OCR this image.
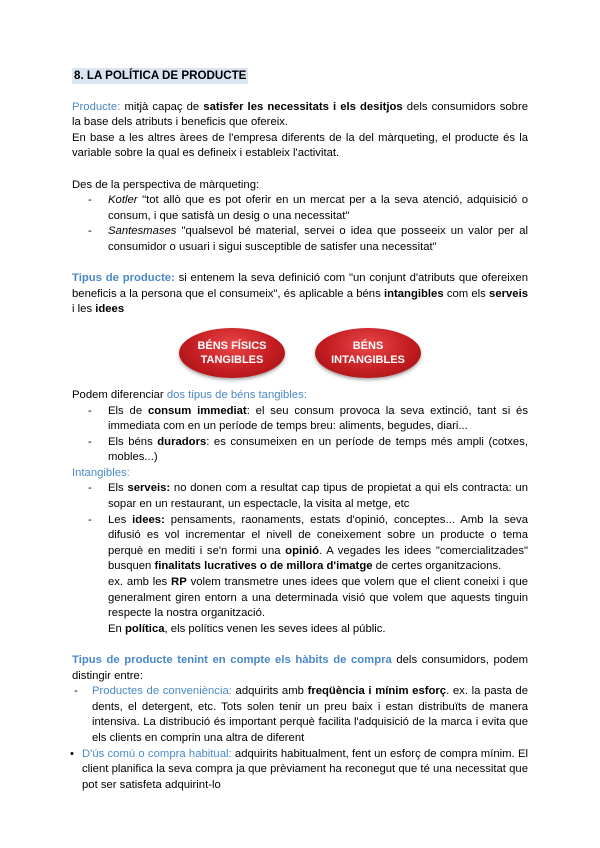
8. LA POLÍTICA DE PRODUCTE

Producte: mitjà capaç de satisfer les necessitats i els desitjos dels consumidors sobre la base dels atributs i beneficis que ofereix.

En base a les altres àrees de l'empresa diferents de la del màrqueting, el producte és la variable sobre la qual es defineix i estableix l'activitat.

Des de la perspectiva de màrqueting:

- Kotler "tot allò que es pot oferir en un mercat per a la seva atenció, adquisició o consum, i que satisfà un desig o una necessitat"
- Santesmases "qualsevol bé material, servei o idea que posseeix un valor per al consumidor o usuari i sigui susceptible de satisfer una necessitat"

Tipus de producte: si entenem la seva definició com "un conjunt d'atributs que ofereixen beneficis a la persona que el consumeix", és aplicable a béns intangibles com els serveis i les idees

BÉNS FÍSICS
TANGIBLES
BÉNS
INTANGIBLES

Podem diferenciar dos tipus de béns tangibles:

- Els de consum immediat: el seu consum provoca la seva extinció, tant si és immediata com en un període de temps breu: aliments, begudes, diari...
- Els béns duradors: es consumeixen en un període de temps més ampli (cotxes, mobles...)

Intangibles:

- Els serveis: no donen com a resultat cap tipus de propietat a qui els contracta: un sopar en un restaurant, un espectacle, la visita al metge, etc
- Les idees: pensaments, raonaments, estats d'opinió, conceptes... Amb la seva difusió es vol incrementar el nivell de coneixement sobre un producte o tema perquè en mediti i se'n formi una opinió. A vegades les idees "comercialitzades" busquen finalitats lucratives o de millora d'imatge de certes organitzacions.

ex. amb les RP volem transmetre unes idees que volem que el client coneixi i que generalment giren entorn a una determinada visió que volem que aquests tinguin respecte la nostra organització.

En política, els polítics venen les seves idees al públic.

Tipus de producte tenint en compte els hàbits de compra dels consumidors, podem distingir entre:

- Productes de conveniència: adquirits amb freqüència i mínim esforç. ex. la pasta de dents, el detergent, etc. Tots solen tenir un preu baix i estan distribuïts de manera intensiva. La distribució és important perquè facilita l'adquisició de la marca i evita que els clients en comprin una altra de diferent
• D'ús comú o compra habitual: adquirits habitualment, fent un esforç de compra mínim. El client planifica la seva compra ja que prèviament ha reconegut que té una necessitat que pot ser satisfeta adquirint-lo
